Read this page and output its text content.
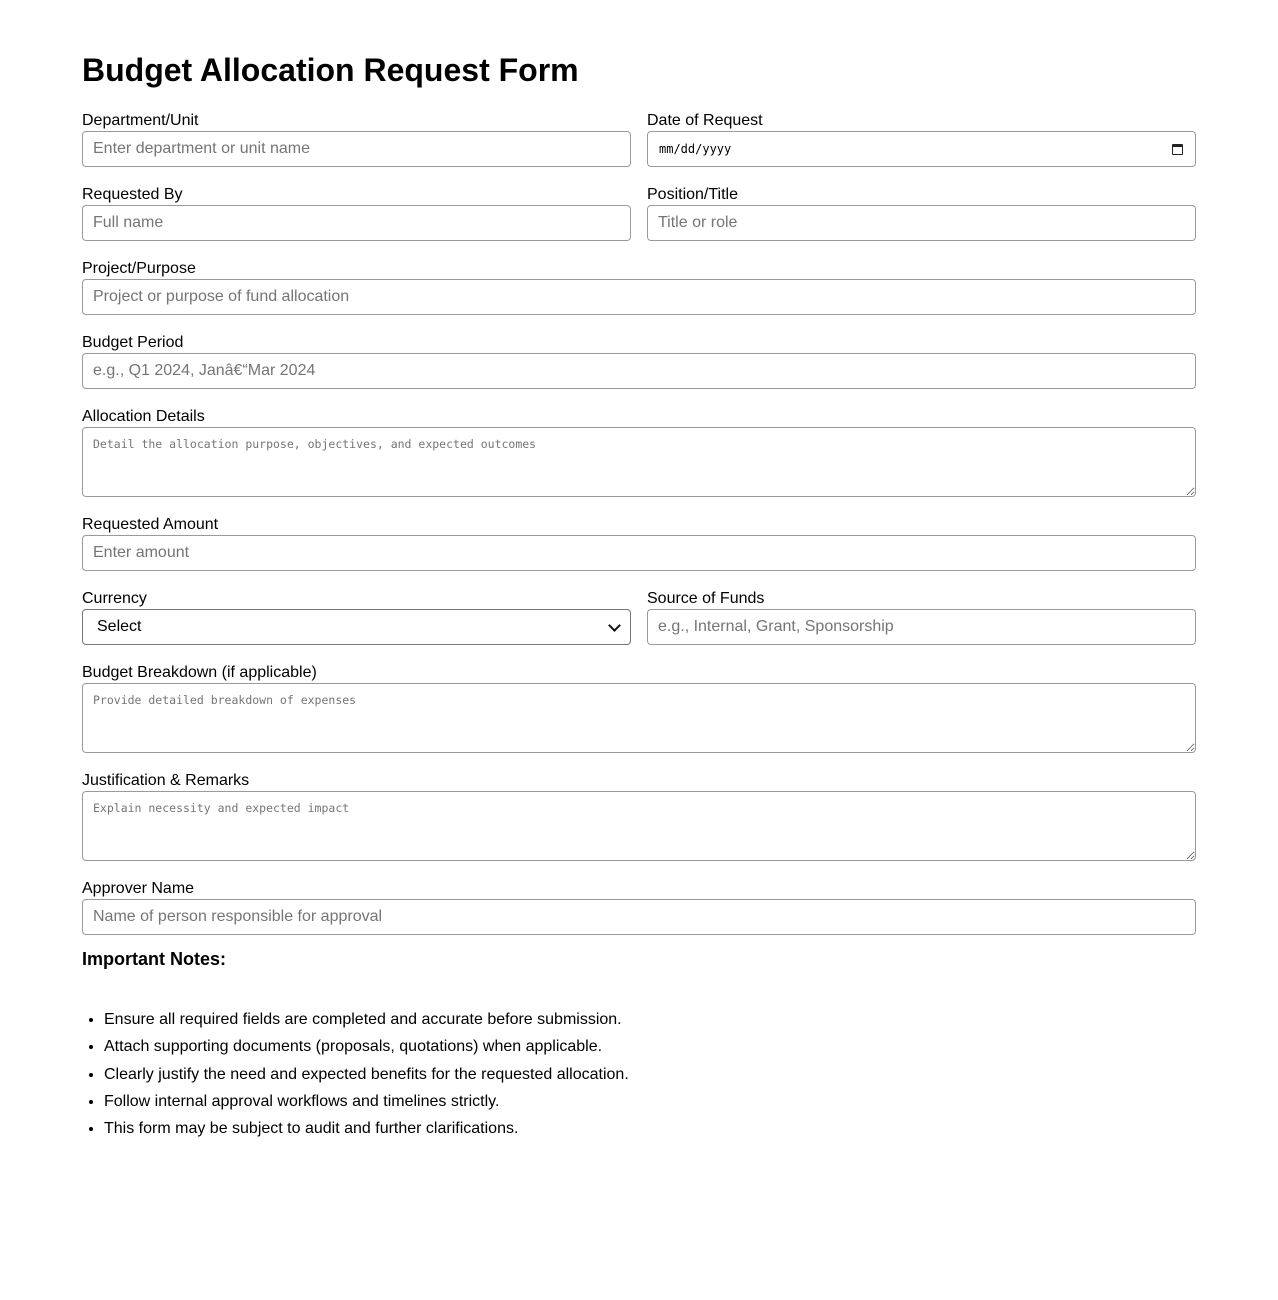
Budget Allocation Request Form
Department/Unit
Enter department or unit name	Date of Request
mm/dd/yyyy
Requested By
Full name	Position/Title
Title or role
Project/Purpose
Project or purpose of fund allocation
Budget Period
e.g., Q1 2024, Janâ€“Mar 2024
Allocation Details
Detail the allocation purpose, objectives, and expected outcomes
Requested Amount
Enter amount
Currency
Select
Source of Funds
e.g., Internal, Grant, Sponsorship
Budget Breakdown (if applicable)
Provide detailed breakdown of expenses
Justification & Remarks
Explain necessity and expected impact
Approver Name
Name of person responsible for approval
Important Notes:
• Ensure all required fields are completed and accurate before submission.
• Attach supporting documents (proposals, quotations) when applicable.
• Clearly justify the need and expected benefits for the requested allocation.
• Follow internal approval workflows and timelines strictly.
• This form may be subject to audit and further clarifications.
